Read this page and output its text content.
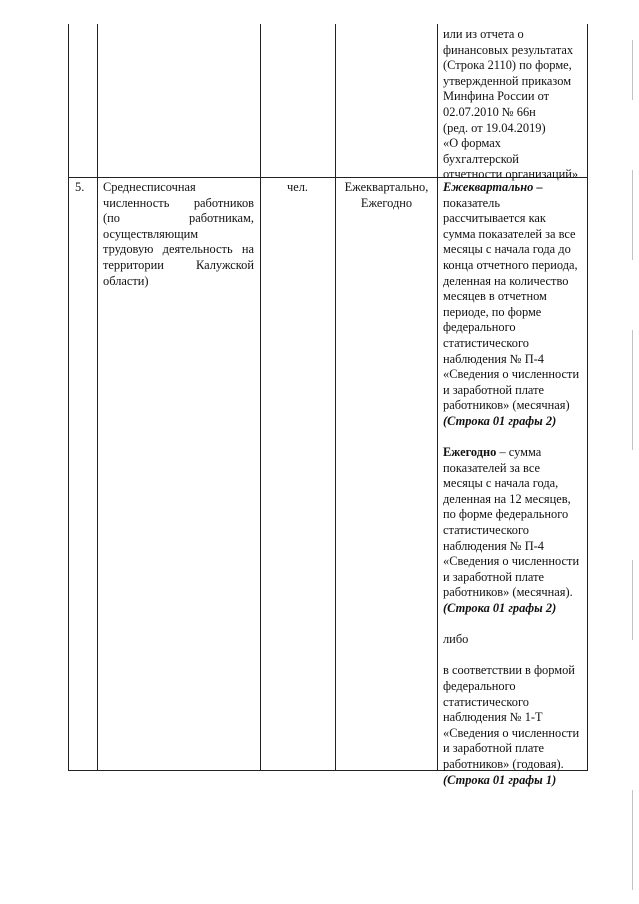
или из отчета о
финансовых результатах
(Строка 2110) по форме,
утвержденной приказом
Минфина России от
02.07.2010 № 66н
(ред. от 19.04.2019)
«О формах
бухгалтерской
отчетности организаций»
5. Среднесписочная
численность работников
(по работникам,
осуществляющим
трудовую деятельность на
территории Калужской
области)
чел.	Ежеквартально,
Ежегодно
Ежеквартально –
показатель
рассчитывается как
сумма показателей за все
месяцы с начала года до
конца отчетного периода,
деленная на количество
месяцев в отчетном
периоде, по форме
федерального
статистического
наблюдения № П-4
«Сведения о численности
и заработной плате
работников» (месячная)
(Строка 01 графы 2)
Ежегодно – сумма
показателей за все
месяцы с начала года,
деленная на 12 месяцев,
по форме федерального
статистического
наблюдения № П-4
«Сведения о численности
и заработной плате
работников» (месячная).
(Строка 01 графы 2)
либо
в соответствии в формой
федерального
статистического
наблюдения № 1-Т
«Сведения о численности
и заработной плате
работников» (годовая).
(Строка 01 графы 1)
